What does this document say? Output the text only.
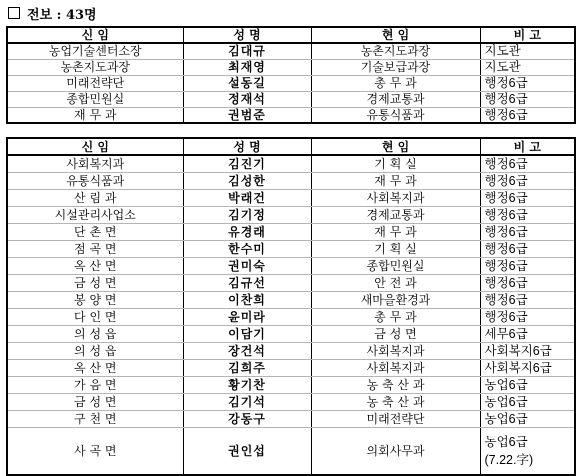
전보 : 43명
신 임	성 명	현 임	비 고
농업기술센터소장	김대규	농촌지도과장	지도관
농촌지도과장	최재영	기술보급과장	지도관
미래전략단	설동길	총 무 과	행정6급
종합민원실	정재석	경제교통과	행정6급
재 무 과	권범준	유통식품과	행정6급
신 임	성 명	현 임	비 고
사회복지과	김진기	기 획 실	행정6급
유통식품과	김성한	재 무 과	행정6급
산 림 과	박래건	사회복지과	행정6급
시설관리사업소	김기정	경제교통과	행정6급
단 촌 면	유경래	재 무 과	행정6급
점 곡 면	한수미	기 획 실	행정6급
옥 산 면	권미숙	종합민원실	행정6급
금 성 면	김규선	안 전 과	행정6급
봉 양 면	이찬희	새마을환경과	행정6급
다 인 면	윤미라	총 무 과	행정6급
의 성 읍	이담기	금 성 면	세무6급
의 성 읍	장건석	사회복지과	사회복지6급
옥 산 면	김희주	사회복지과	사회복지6급
가 음 면	황기찬	농 축 산 과	농업6급
금 성 면	김기석	농 축 산 과	농업6급
구 천 면	강동구	미래전략단	농업6급
사 곡 면	권인섭	의회사무과	농업6급
(7.22.字)
